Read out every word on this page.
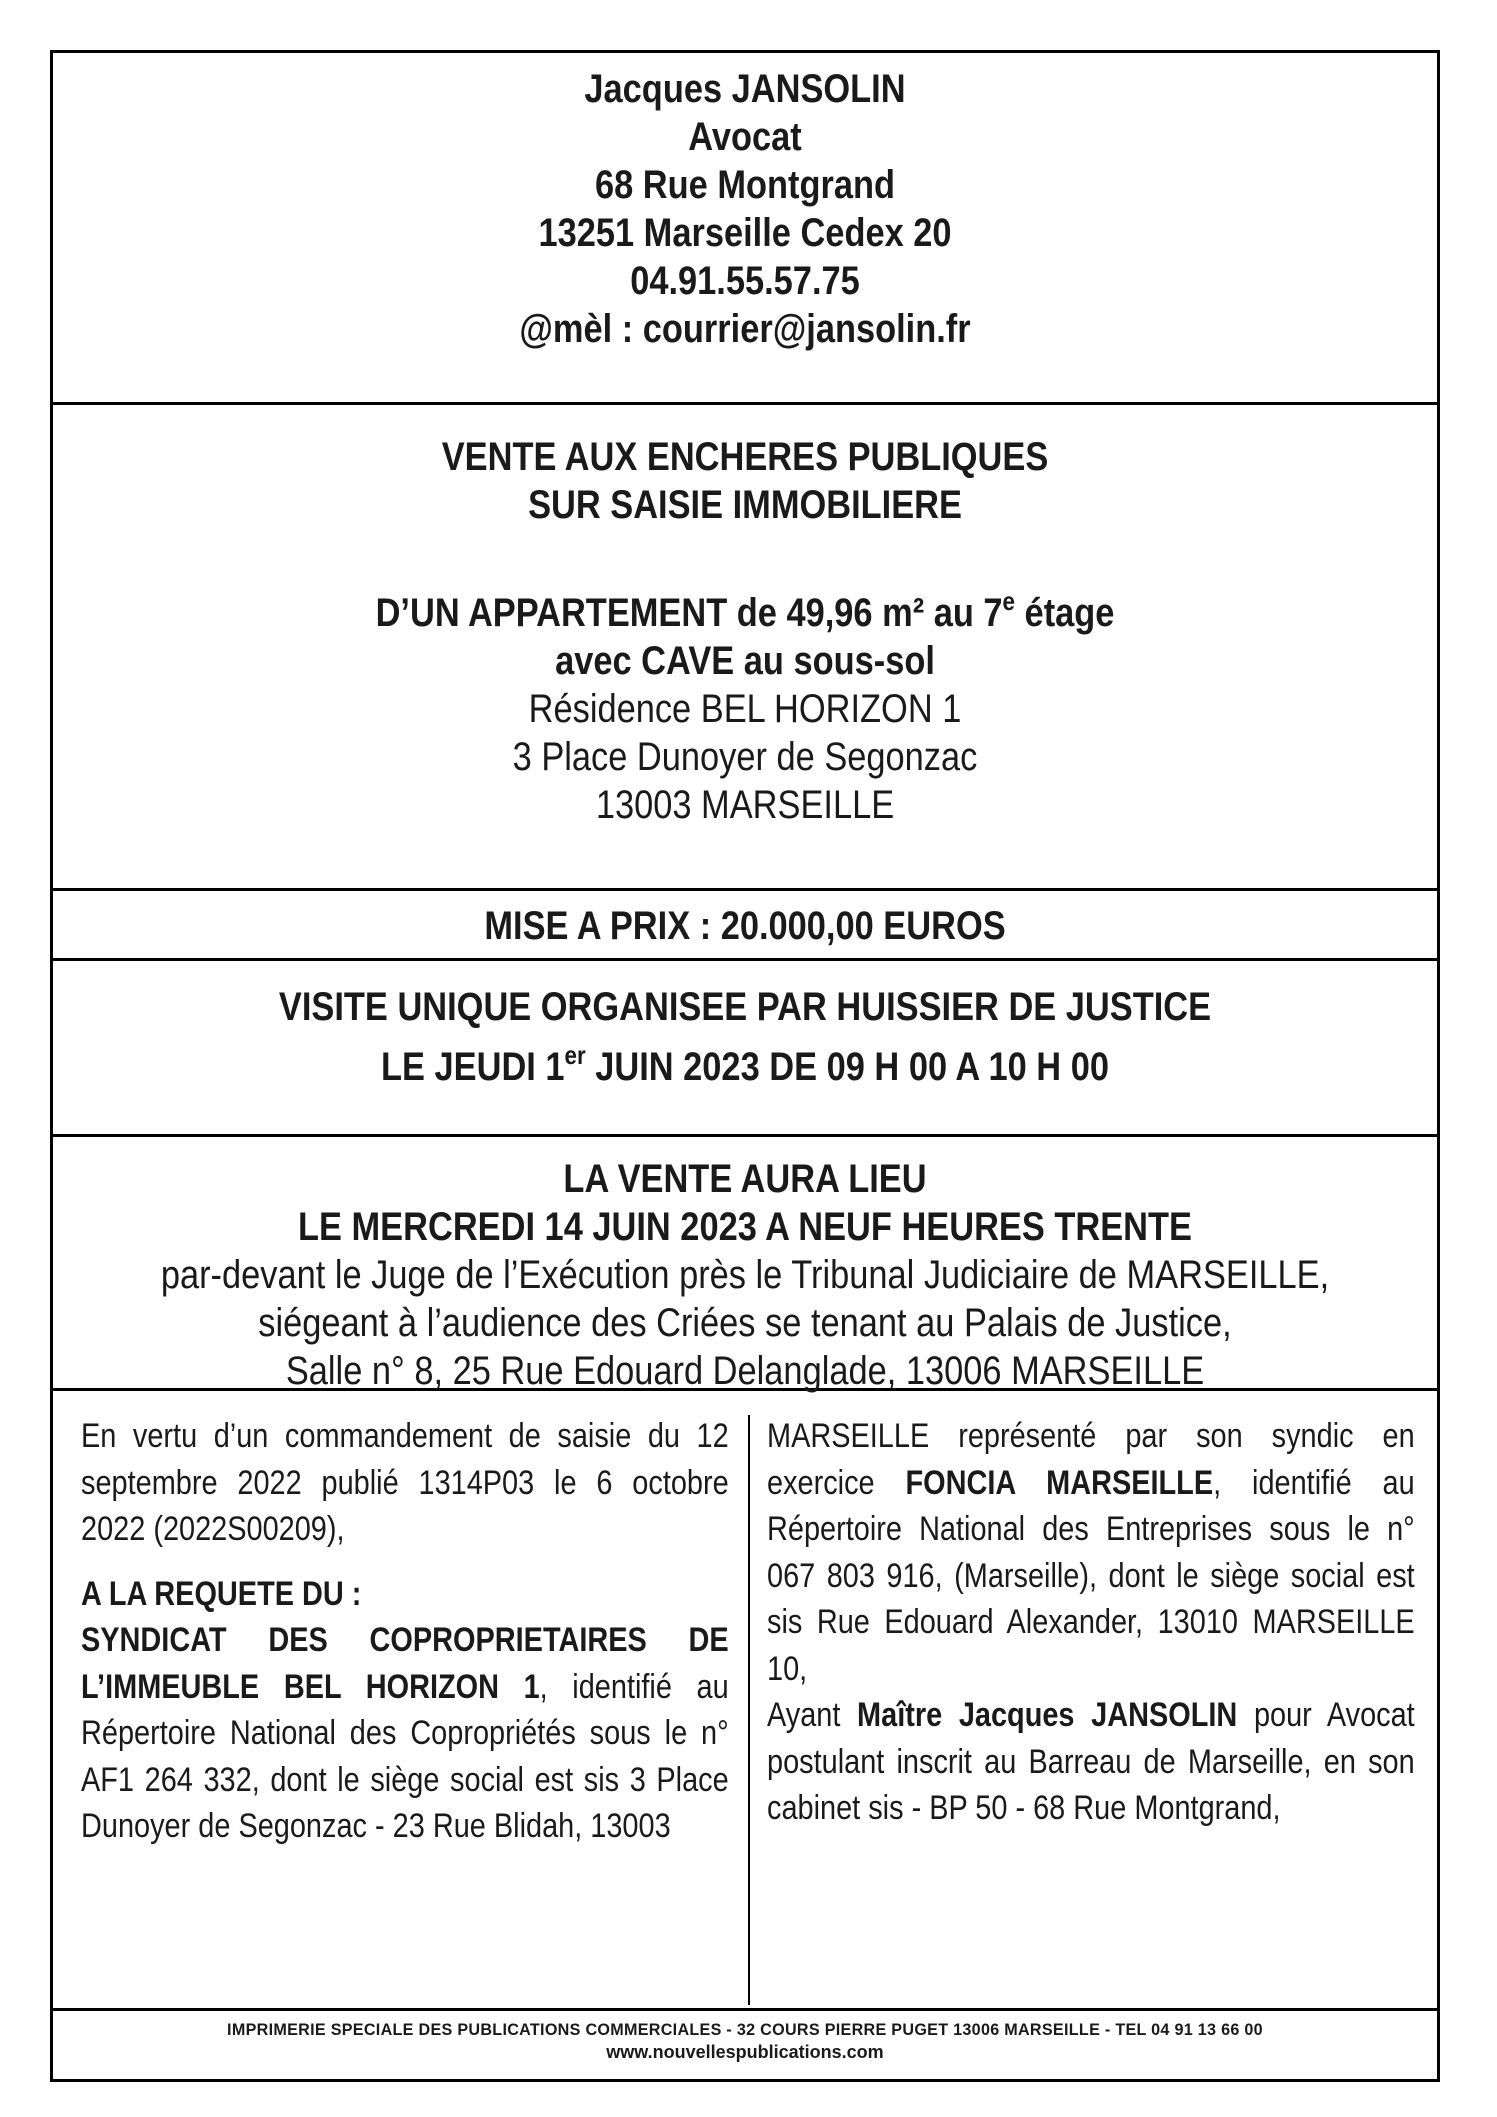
Jacques JANSOLIN
Avocat
68 Rue Montgrand
13251 Marseille Cedex 20
04.91.55.57.75
@mèl : courrier@jansolin.fr
VENTE AUX ENCHERES PUBLIQUES
SUR SAISIE IMMOBILIERE
D’UN APPARTEMENT de 49,96 m² au 7e étage
avec CAVE au sous-sol
Résidence BEL HORIZON 1
3 Place Dunoyer de Segonzac
13003 MARSEILLE
MISE A PRIX : 20.000,00 EUROS
VISITE UNIQUE ORGANISEE PAR HUISSIER DE JUSTICE
LE JEUDI 1er JUIN 2023 DE 09 H 00 A 10 H 00
LA VENTE AURA LIEU
LE MERCREDI 14 JUIN 2023 A NEUF HEURES TRENTE
par-devant le Juge de l’Exécution près le Tribunal Judiciaire de MARSEILLE,
siégeant à l’audience des Criées se tenant au Palais de Justice,
Salle n° 8, 25 Rue Edouard Delanglade, 13006 MARSEILLE

En vertu d’un commandement de saisie du 12 septembre 2022 publié 1314P03 le 6 octobre 2022 (2022S00209),

A LA REQUETE DU :

SYNDICAT DES COPROPRIETAIRES DE L’IMMEUBLE BEL HORIZON 1, identifié au Répertoire National des Copropriétés sous le n° AF1 264 332, dont le siège social est sis 3 Place Dunoyer de Segonzac - 23 Rue Blidah, 13003

MARSEILLE représenté par son syndic en exercice FONCIA MARSEILLE, identifié au Répertoire National des Entreprises sous le n° 067 803 916, (Marseille), dont le siège social est sis Rue Edouard Alexander, 13010 MARSEILLE 10,

Ayant Maître Jacques JANSOLIN pour Avocat postulant inscrit au Barreau de Marseille, en son cabinet sis - BP 50 - 68 Rue Montgrand,

IMPRIMERIE SPECIALE DES PUBLICATIONS COMMERCIALES - 32 COURS PIERRE PUGET 13006 MARSEILLE - TEL 04 91 13 66 00
www.nouvellespublications.com
